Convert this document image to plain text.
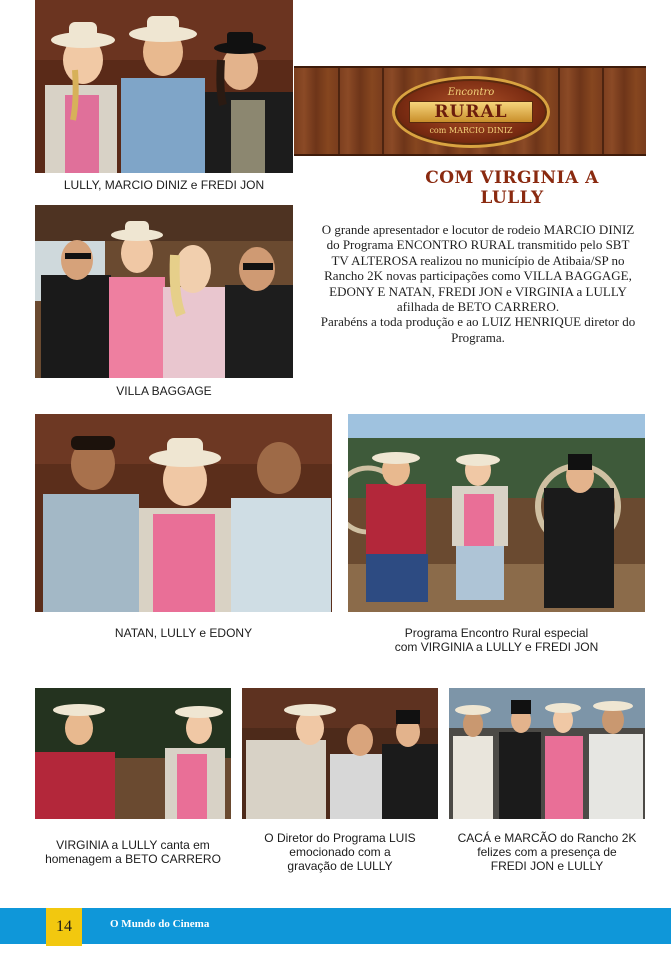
LULLY, MARCIO DINIZ e FREDI JON
Encontro
RURAL
com MARCIO DINIZ
COM VIRGINIA A LULLY
VILLA BAGGAGE
O grande apresentador e locutor de rodeio MARCIO DINIZ do Programa ENCONTRO RURAL transmitido pelo SBT TV ALTEROSA realizou no município de Atibaia/SP no Rancho 2K novas participações como VILLA BAGGAGE, EDONY E NATAN, FREDI JON e VIRGINIA a LULLY afilhada de BETO CARRERO.
Parabéns a toda produção e ao LUIZ HENRIQUE diretor do Programa.
NATAN, LULLY e EDONY	Programa Encontro Rural especial
com VIRGINIA a LULLY e FREDI JON
VIRGINIA a LULLY canta em
homenagem a BETO CARRERO
O Diretor do Programa LUIS
emocionado com a
gravação de LULLY
CACÁ e MARCÃO do Rancho 2K
felizes com a presença de
FREDI JON e LULLY
14	O Mundo do Cinema
